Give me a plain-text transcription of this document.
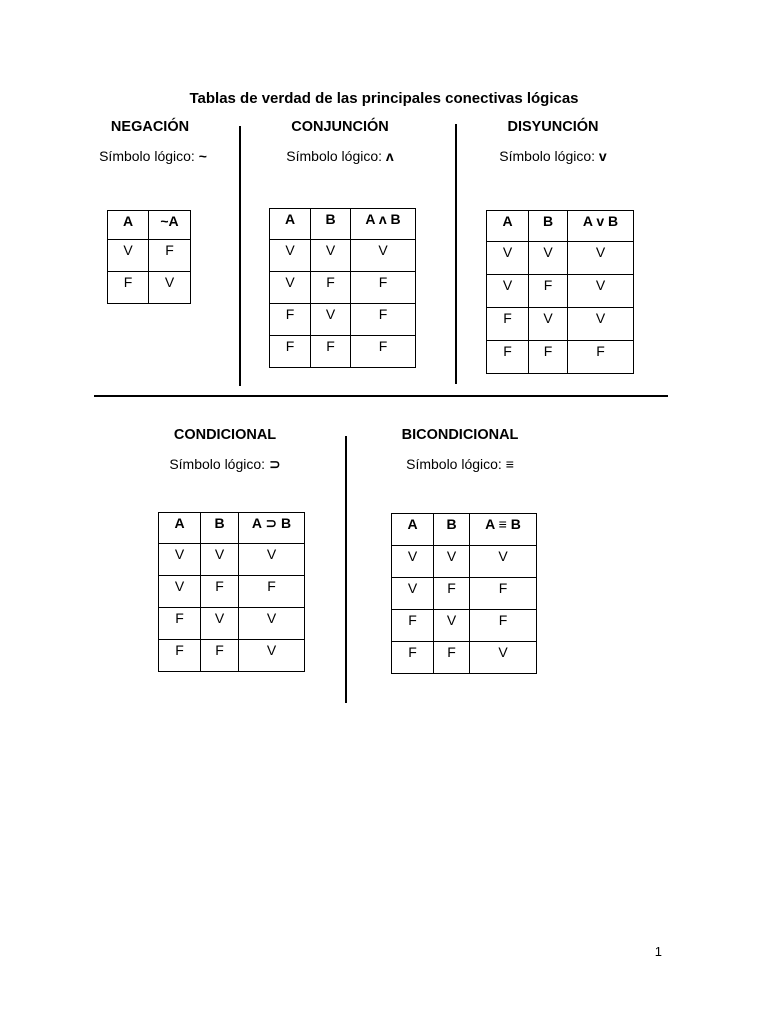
Tablas de verdad de las principales conectivas lógicas
NEGACIÓN
Símbolo lógico: ~
A	~A
V	F
F	V
CONJUNCIÓN
Símbolo lógico: ʌ
A	B	A ʌ B
V	V	V
V	F	F
F	V	F
F	F	F
DISYUNCIÓN
Símbolo lógico: v
A	B	A v B
V	V	V
V	F	V
F	V	V
F	F	F
CONDICIONAL
Símbolo lógico: ⊃
A	B	A ⊃ B
V	V	V
V	F	F
F	V	V
F	F	V
BICONDICIONAL
Símbolo lógico: ≡
A	B	A ≡ B
V	V	V
V	F	F
F	V	F
F	F	V
1
